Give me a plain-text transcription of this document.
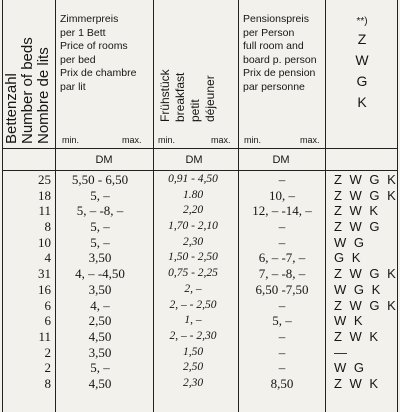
Bettenzahl Number of beds Nombre de lits
Zimmerpreis
per 1 Bett
Price of rooms
per bed
Prix de chambre
par lit	Frühstück breakfast petit déjeuner
Pensionspreis
per Person
full room and
board p. person
Prix de pension
par personne
min.	max. min.	max. min.	max.
**)
Z
W
G
K
DM	DM	DM
25	5,50 - 6,50	0,91 - 4,50	–	Z W G K
18	5, –	1.80	10, –	Z W G K
11	5, – -8, –	2,20	12, – -14, –	Z W K
8	5, –	1,70 - 2,10	–	Z W G
10	5, –	2,30	–	W G
4	3,50	1,50 - 2,50	6, – -7, –	G K
31	4, – -4,50	0,75 - 2,25	7, – -8, –	Z W G K
16	3,50	2, –	6,50 -7,50	W G K
6	4, –	2, – - 2,50	–	Z W G K
6	2,50	1, –	5, –	W K
11	4,50	2, – - 2,30	–	Z W K
2	3,50	1,50	–	—
2	5, –	2,50	–	W G
8	4,50	2,30	8,50	Z W K
